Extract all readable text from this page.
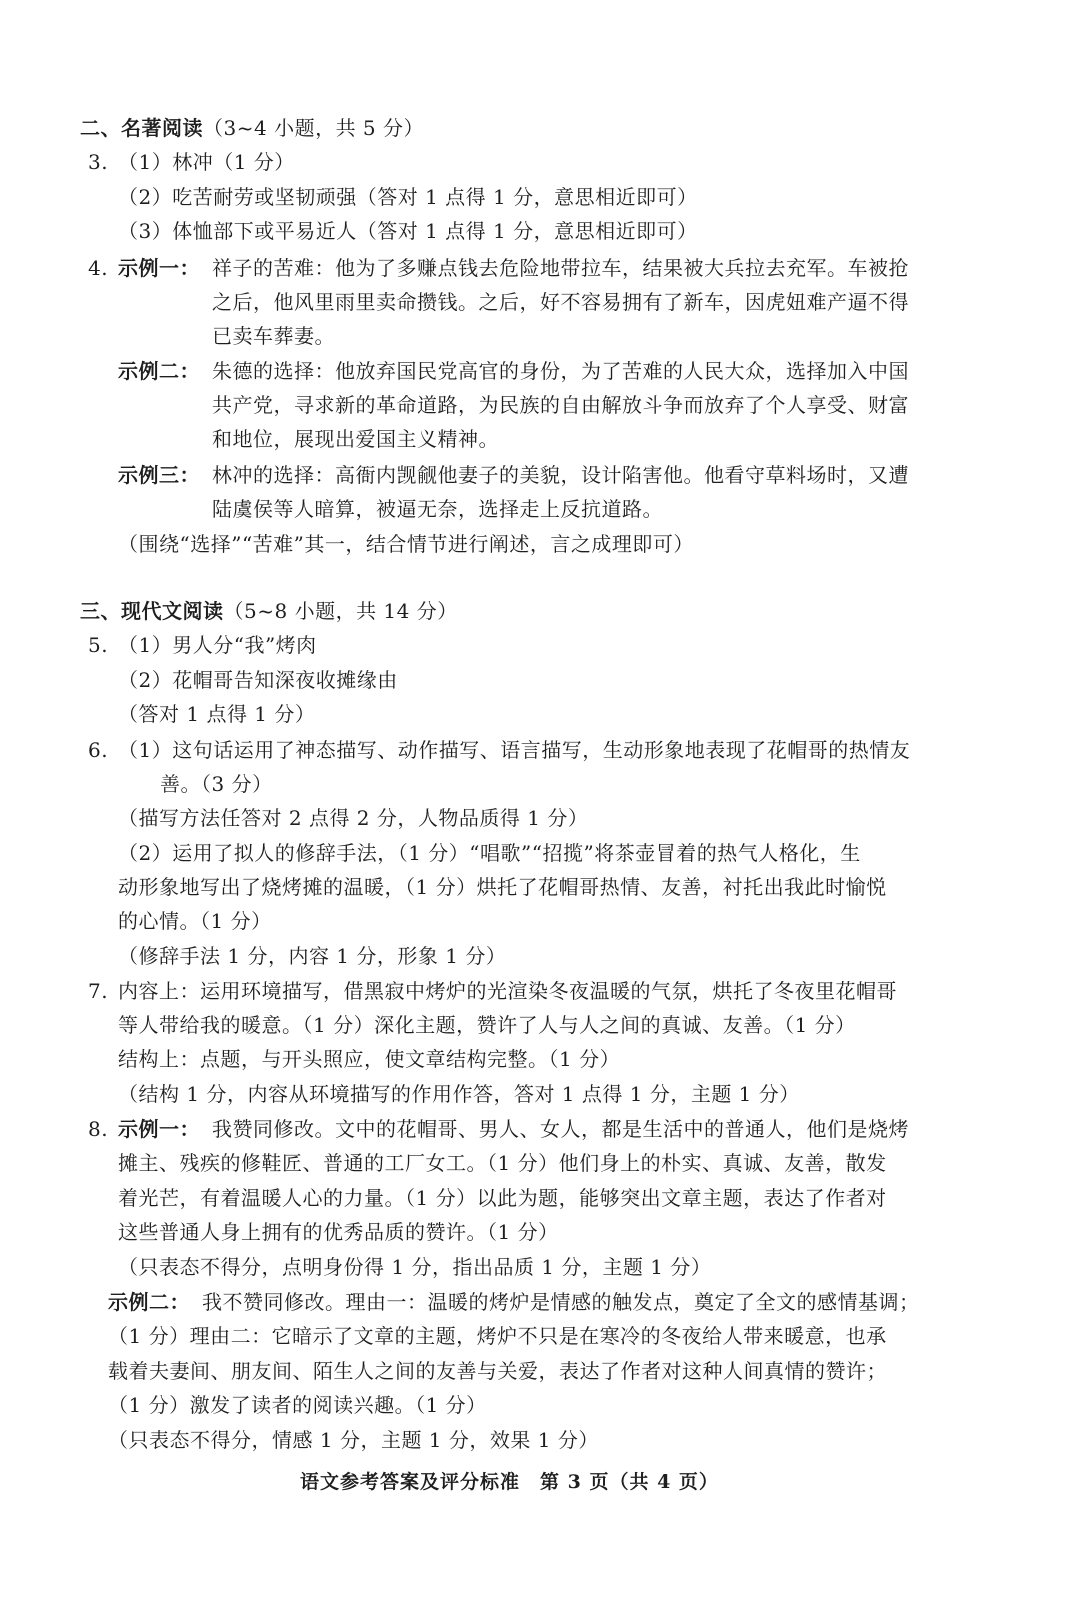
二、名著阅读（3~4 小题，共 5 分）
3. （1）林冲（1 分）
（2）吃苦耐劳或坚韧顽强（答对 1 点得 1 分，意思相近即可）
（3）体恤部下或平易近人（答对 1 点得 1 分，意思相近即可）
4. 示例一： 祥子的苦难：他为了多赚点钱去危险地带拉车，结果被大兵拉去充军。车被抢
之后，他风里雨里卖命攒钱。之后，好不容易拥有了新车，因虎妞难产逼不得
已卖车葬妻。
示例二： 朱德的选择：他放弃国民党高官的身份，为了苦难的人民大众，选择加入中国
共产党，寻求新的革命道路，为民族的自由解放斗争而放弃了个人享受、财富
和地位，展现出爱国主义精神。
示例三： 林冲的选择：高衙内觊觎他妻子的美貌，设计陷害他。他看守草料场时，又遭
陆虞侯等人暗算，被逼无奈，选择走上反抗道路。
（围绕“选择”“苦难”其一，结合情节进行阐述，言之成理即可）
三、现代文阅读（5~8 小题，共 14 分）
5. （1）男人分“我”烤肉
（2）花帽哥告知深夜收摊缘由
（答对 1 点得 1 分）
6. （1）这句话运用了神态描写、动作描写、语言描写，生动形象地表现了花帽哥的热情友
善。（3 分）
（描写方法任答对 2 点得 2 分，人物品质得 1 分）
（2）运用了拟人的修辞手法，（1 分）“唱歌”“招揽”将茶壶冒着的热气人格化，生
动形象地写出了烧烤摊的温暖，（1 分）烘托了花帽哥热情、友善，衬托出我此时愉悦
的心情。（1 分）
（修辞手法 1 分，内容 1 分，形象 1 分）
7. 内容上：运用环境描写，借黑寂中烤炉的光渲染冬夜温暖的气氛，烘托了冬夜里花帽哥
等人带给我的暖意。（1 分）深化主题，赞许了人与人之间的真诚、友善。（1 分）
结构上：点题，与开头照应，使文章结构完整。（1 分）
（结构 1 分，内容从环境描写的作用作答，答对 1 点得 1 分，主题 1 分）
8. 示例一： 我赞同修改。文中的花帽哥、男人、女人，都是生活中的普通人，他们是烧烤
摊主、残疾的修鞋匠、普通的工厂女工。（1 分）他们身上的朴实、真诚、友善，散发
着光芒，有着温暖人心的力量。（1 分）以此为题，能够突出文章主题，表达了作者对
这些普通人身上拥有的优秀品质的赞许。（1 分）
（只表态不得分，点明身份得 1 分，指出品质 1 分，主题 1 分）
示例二： 我不赞同修改。理由一：温暖的烤炉是情感的触发点，奠定了全文的感情基调；
（1 分）理由二：它暗示了文章的主题，烤炉不只是在寒冷的冬夜给人带来暖意，也承
载着夫妻间、朋友间、陌生人之间的友善与关爱，表达了作者对这种人间真情的赞许；
（1 分）激发了读者的阅读兴趣。（1 分）
（只表态不得分，情感 1 分，主题 1 分，效果 1 分）
语文参考答案及评分标准　第 3 页（共 4 页）
